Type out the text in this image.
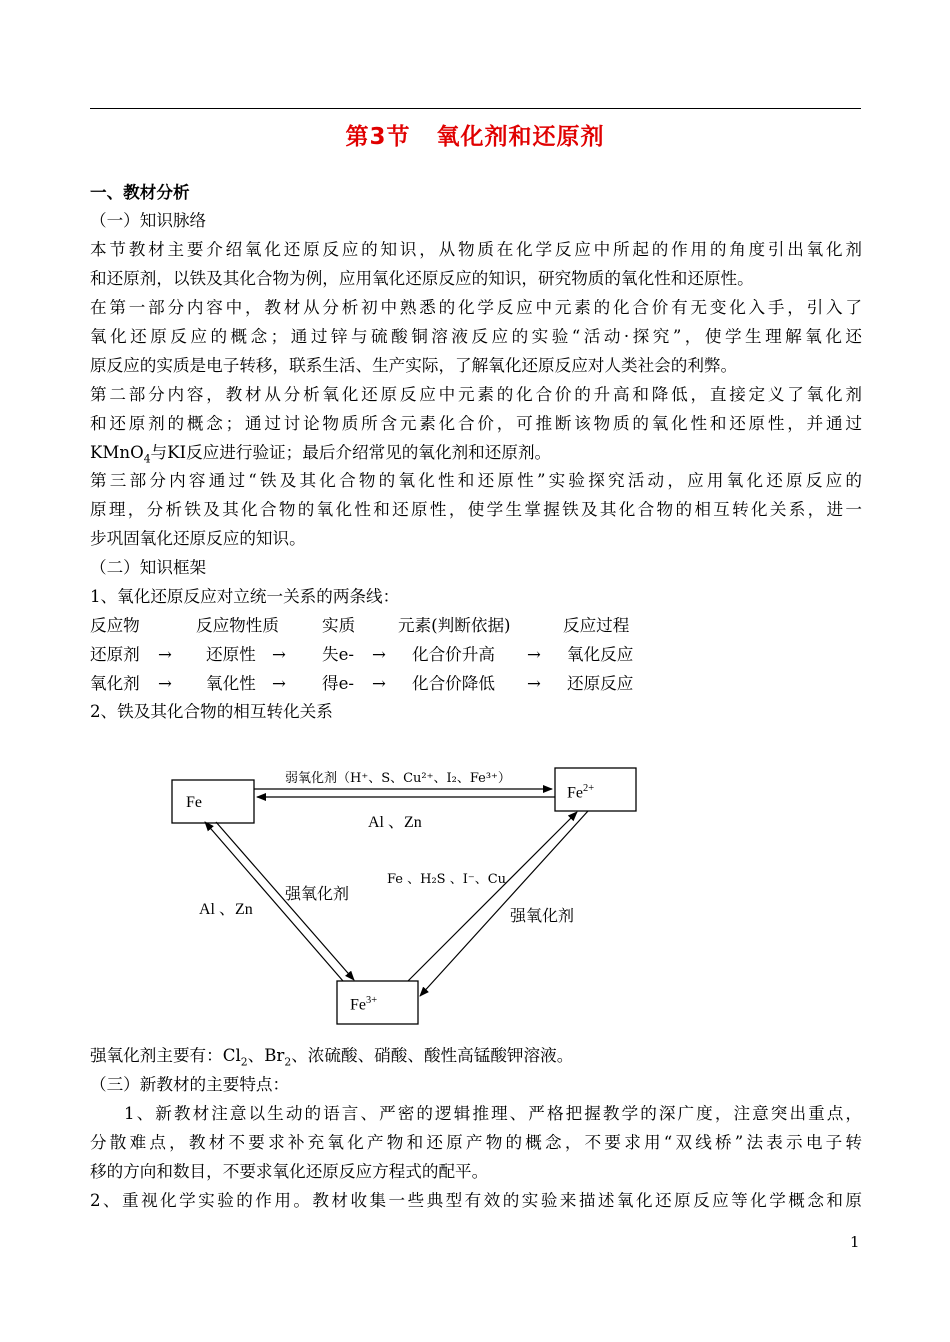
第3节 氧化剂和还原剂
一、教材分析
（一）知识脉络
本节教材主要介绍氧化还原反应的知识，从物质在化学反应中所起的作用的角度引出氧化剂
和还原剂，以铁及其化合物为例，应用氧化还原反应的知识，研究物质的氧化性和还原性。
在第一部分内容中，教材从分析初中熟悉的化学反应中元素的化合价有无变化入手，引入了
氧化还原反应的概念；通过锌与硫酸铜溶液反应的实验“活动·探究”，使学生理解氧化还
原反应的实质是电子转移，联系生活、生产实际，了解氧化还原反应对人类社会的利弊。
第二部分内容，教材从分析氧化还原反应中元素的化合价的升高和降低，直接定义了氧化剂
和还原剂的概念；通过讨论物质所含元素化合价，可推断该物质的氧化性和还原性，并通过
KMnO$_4$与KI反应进行验证；最后介绍常见的氧化剂和还原剂。
第三部分内容通过“铁及其化合物的氧化性和还原性”实验探究活动，应用氧化还原反应的
原理，分析铁及其化合物的氧化性和还原性，使学生掌握铁及其化合物的相互转化关系，进一
步巩固氧化还原反应的知识。
（二）知识框架
1、氧化还原反应对立统一关系的两条线：
反应物	反应物性质	实质	元素(判断依据)	反应过程
还原剂 → 还原性 → 失e- → 化合价升高 → 氧化反应
氧化剂 → 氧化性 → 得e- → 化合价降低 → 还原反应
2、铁及其化合物的相互转化关系
Fe
$Fe^{2+}$
$Fe^{3+}$
弱氧化剂（H⁺、S、Cu²⁺、I₂、Fe³⁺）
Al 、Zn
Fe 、H₂S 、I⁻、Cu
强氧化剂
Al 、Zn	强氧化剂
强氧化剂主要有：$Cl_2$、$Br_2$、浓硫酸、硝酸、酸性高锰酸钾溶液。
（三）新教材的主要特点：
1、新教材注意以生动的语言、严密的逻辑推理、严格把握教学的深广度，注意突出重点，
分散难点，教材不要求补充氧化产物和还原产物的概念，不要求用“双线桥”法表示电子转
移的方向和数目，不要求氧化还原反应方程式的配平。
2、重视化学实验的作用。教材收集一些典型有效的实验来描述氧化还原反应等化学概念和原
1
